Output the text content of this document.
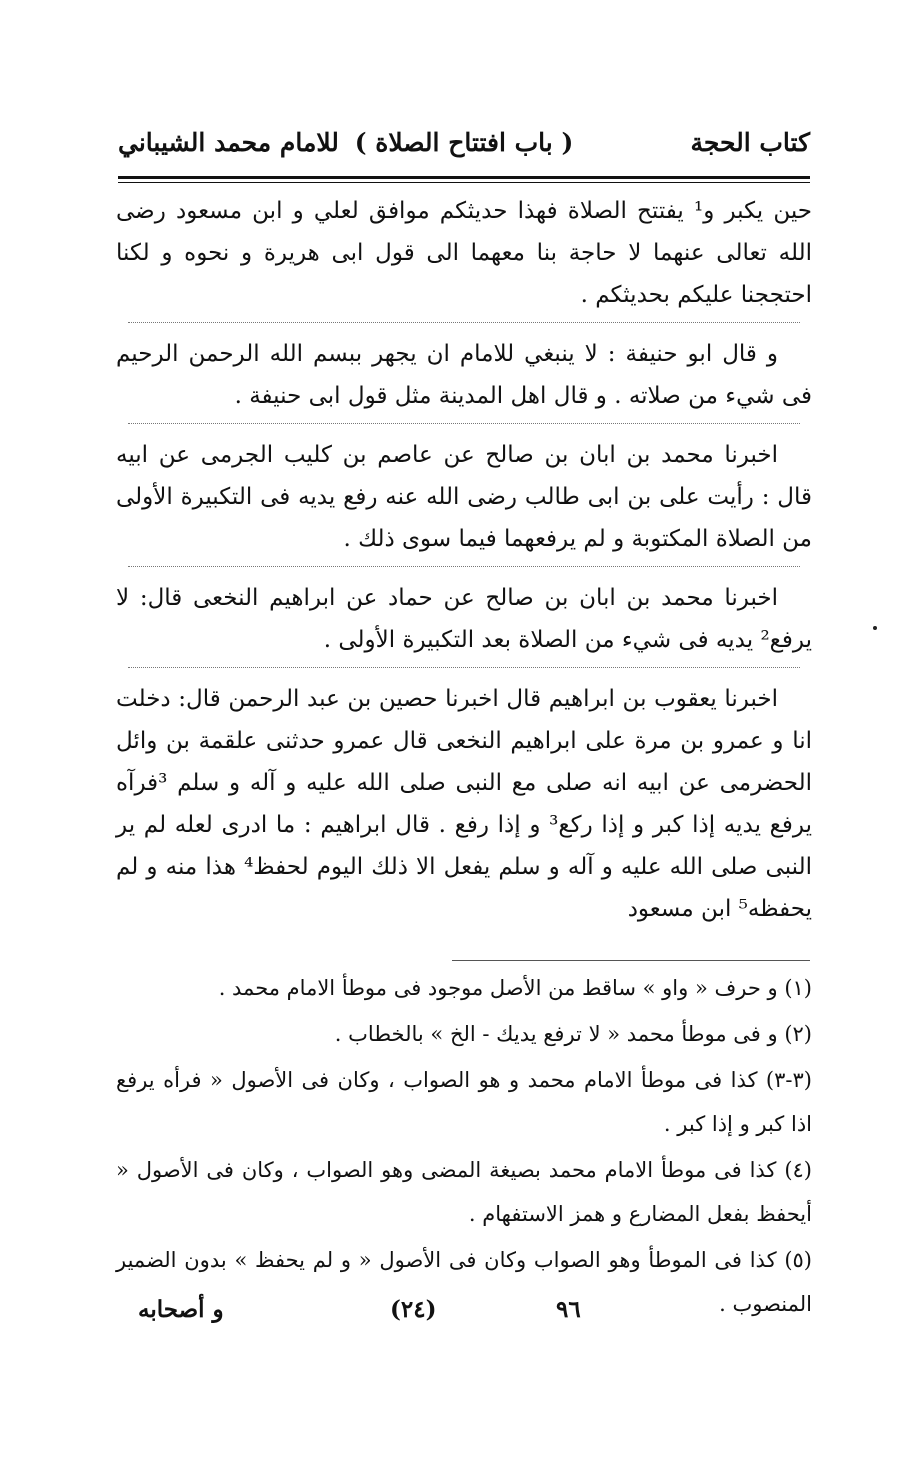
كتاب الحجة
( باب افتتاح الصلاة )
للامام محمد الشيباني

حين يكبر و¹ يفتتح الصلاة فهذا حديثكم موافق لعلي و ابن مسعود رضى الله تعالى عنهما لا حاجة بنا معهما الى قول ابى هريرة و نحوه و لكنا احتججنا عليكم بحديثكم .

و قال ابو حنيفة : لا ينبغي للامام ان يجهر ببسم الله الرحمن الرحيم فى شيء من صلاته . و قال اهل المدينة مثل قول ابى حنيفة .

اخبرنا محمد بن ابان بن صالح عن عاصم بن كليب الجرمى عن ابيه قال : رأيت على بن ابى طالب رضى الله عنه رفع يديه فى التكبيرة الأولى من الصلاة المكتوبة و لم يرفعهما فيما سوى ذلك .

اخبرنا محمد بن ابان بن صالح عن حماد عن ابراهيم النخعى قال: لا يرفع² يديه فى شيء من الصلاة بعد التكبيرة الأولى .

اخبرنا يعقوب بن ابراهيم قال اخبرنا حصين بن عبد الرحمن قال: دخلت انا و عمرو بن مرة على ابراهيم النخعى قال عمرو حدثنى علقمة بن وائل الحضرمى عن ابيه انه صلى مع النبى صلى الله عليه و آله و سلم ³فرآه يرفع يديه إذا كبر و إذا ركع³ و إذا رفع . قال ابراهيم : ما ادرى لعله لم ير النبى صلى الله عليه و آله و سلم يفعل الا ذلك اليوم لحفظ⁴ هذا منه و لم يحفظه⁵ ابن مسعود

(١) و حرف « واو » ساقط من الأصل موجود فى موطأ الامام محمد .

(٢) و فى موطأ محمد « لا ترفع يديك - الخ » بالخطاب .

(٣-٣) كذا فى موطأ الامام محمد و هو الصواب ، وكان فى الأصول « فرأه يرفع اذا كبر و إذا كبر .

(٤) كذا فى موطأ الامام محمد بصيغة المضى وهو الصواب ، وكان فى الأصول « أيحفظ بفعل المضارع و همز الاستفهام .

(٥) كذا فى الموطأ وهو الصواب وكان فى الأصول « و لم يحفظ » بدون الضمير المنصوب .

٩٦
(٢٤)
و أصحابه
